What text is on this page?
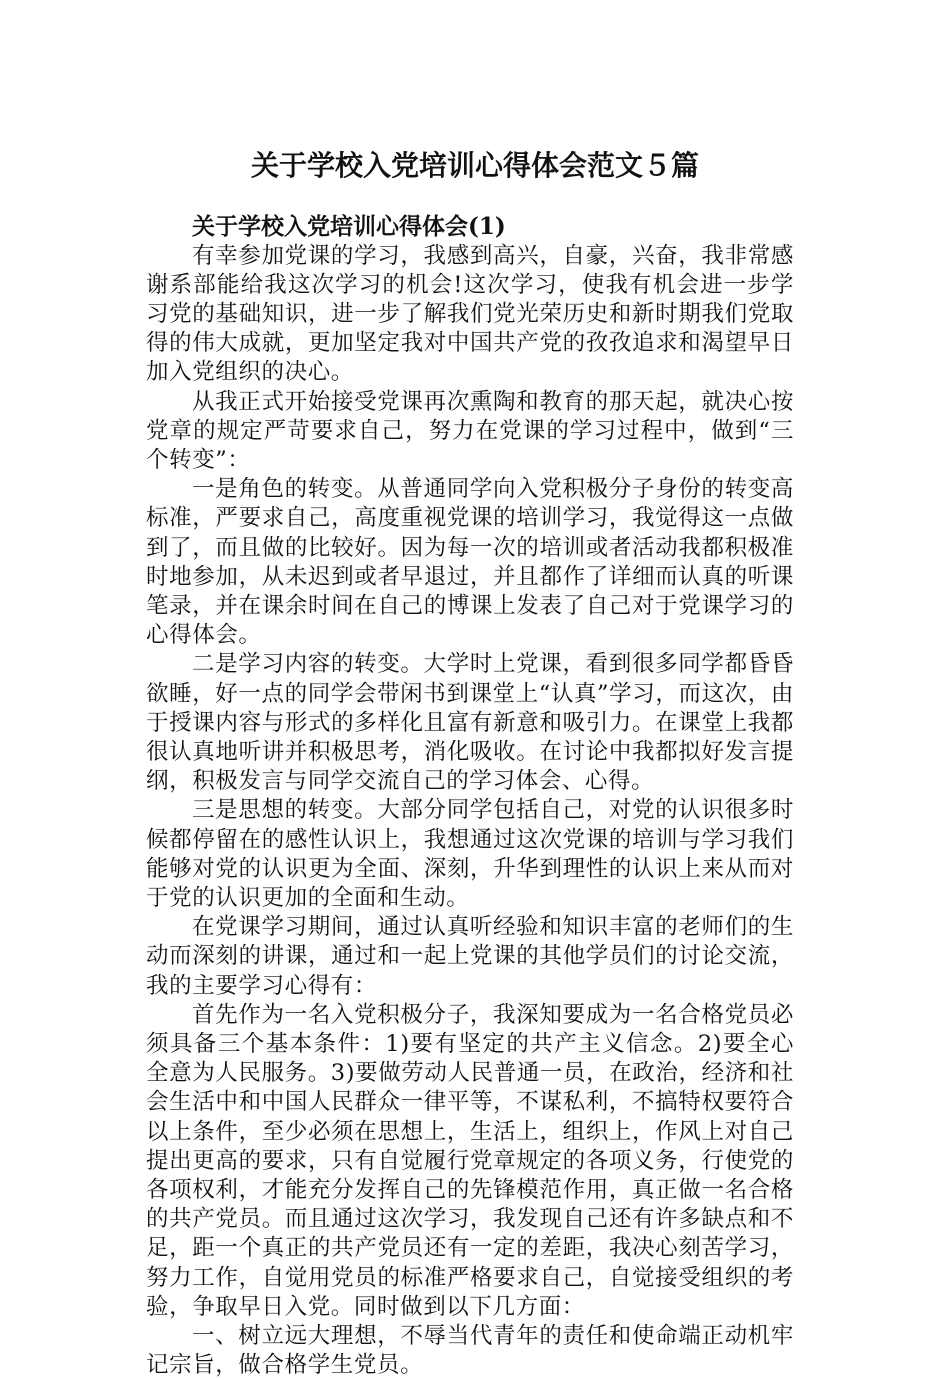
关于学校入党培训心得体会范文５篇

关于学校入党培训心得体会(1)

有幸参加党课的学习，我感到高兴，自豪，兴奋，我非常感谢系部能给我这次学习的机会!这次学习，使我有机会进一步学习党的基础知识，进一步了解我们党光荣历史和新时期我们党取得的伟大成就，更加坚定我对中国共产党的孜孜追求和渴望早日加入党组织的决心。

从我正式开始接受党课再次熏陶和教育的那天起，就决心按党章的规定严苛要求自己，努力在党课的学习过程中，做到“三个转变”：

一是角色的转变。从普通同学向入党积极分子身份的转变高标准，严要求自己，高度重视党课的培训学习，我觉得这一点做到了，而且做的比较好。因为每一次的培训或者活动我都积极准时地参加，从未迟到或者早退过，并且都作了详细而认真的听课笔录，并在课余时间在自己的博课上发表了自己对于党课学习的心得体会。

二是学习内容的转变。大学时上党课，看到很多同学都昏昏欲睡，好一点的同学会带闲书到课堂上“认真”学习，而这次，由于授课内容与形式的多样化且富有新意和吸引力。在课堂上我都很认真地听讲并积极思考，消化吸收。在讨论中我都拟好发言提纲，积极发言与同学交流自己的学习体会、心得。

三是思想的转变。大部分同学包括自己，对党的认识很多时候都停留在的感性认识上，我想通过这次党课的培训与学习我们能够对党的认识更为全面、深刻，升华到理性的认识上来从而对于党的认识更加的全面和生动。

在党课学习期间，通过认真听经验和知识丰富的老师们的生动而深刻的讲课，通过和一起上党课的其他学员们的讨论交流，我的主要学习心得有：

首先作为一名入党积极分子，我深知要成为一名合格党员必须具备三个基本条件：1)要有坚定的共产主义信念。2)要全心全意为人民服务。3)要做劳动人民普通一员，在政治，经济和社会生活中和中国人民群众一律平等，不谋私利，不搞特权要符合以上条件，至少必须在思想上，生活上，组织上，作风上对自己提出更高的要求，只有自觉履行党章规定的各项义务，行使党的各项权利，才能充分发挥自己的先锋模范作用，真正做一名合格的共产党员。而且通过这次学习，我发现自己还有许多缺点和不足，距一个真正的共产党员还有一定的差距，我决心刻苦学习，努力工作，自觉用党员的标准严格要求自己，自觉接受组织的考验，争取早日入党。同时做到以下几方面：

一、树立远大理想，不辱当代青年的责任和使命端正动机牢记宗旨，做合格学生党员。
